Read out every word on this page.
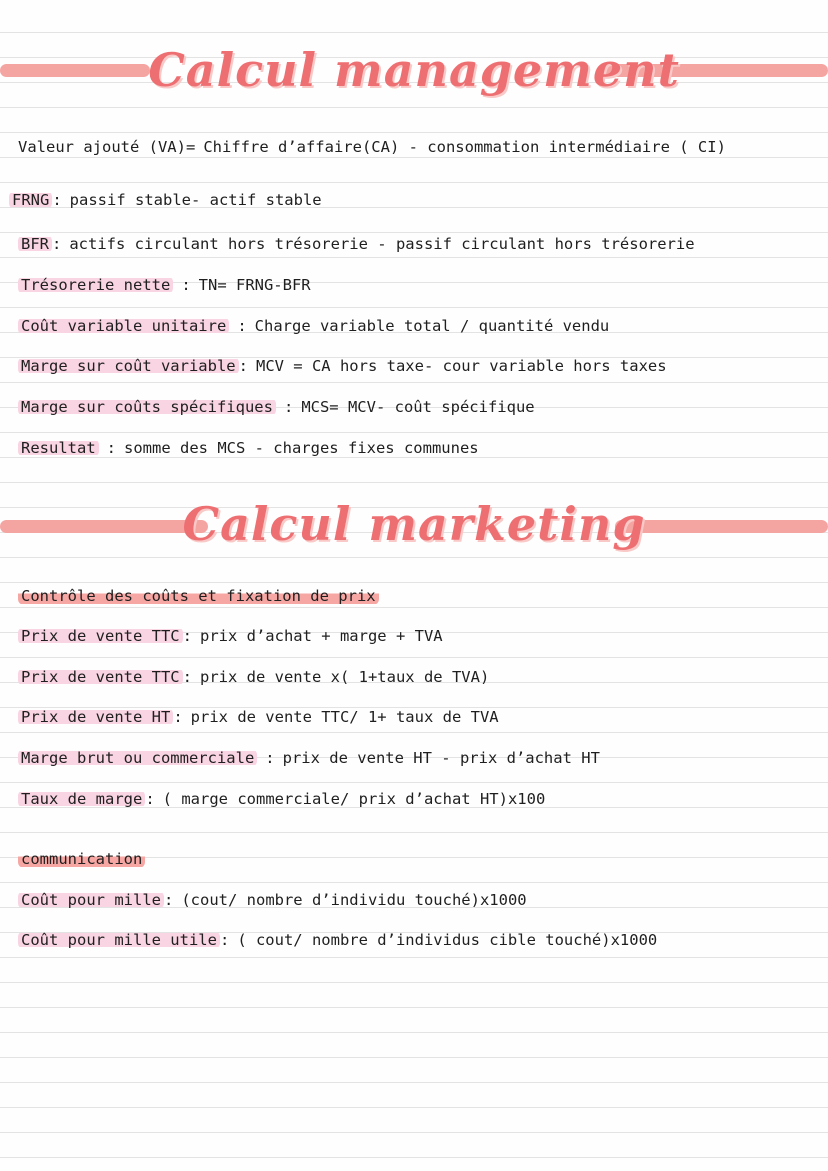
Calcul management
Valeur ajouté (VA)= Chiffre d’affaire(CA) - consommation intermédiaire ( CI)
FRNG : passif stable- actif stable
BFR : actifs circulant hors trésorerie - passif circulant hors trésorerie
Trésorerie nette : TN= FRNG-BFR
Coût variable unitaire : Charge variable total / quantité vendu
Marge sur coût variable : MCV = CA hors taxe- cour variable hors taxes
Marge sur coûts spécifiques : MCS= MCV- coût spécifique
Resultat : somme des MCS - charges fixes communes
Calcul marketing
Contrôle des coûts et fixation de prix
Prix de vente TTC : prix d’achat + marge + TVA
Prix de vente TTC : prix de vente x( 1+taux de TVA)
Prix de vente HT : prix de vente TTC/ 1+ taux de TVA
Marge brut ou commerciale : prix de vente HT - prix d’achat HT
Taux de marge : ( marge commerciale/ prix d’achat HT)x100
communication
Coût pour mille : (cout/ nombre d’individu touché)x1000
Coût pour mille utile : ( cout/ nombre d’individus cible touché)x1000
